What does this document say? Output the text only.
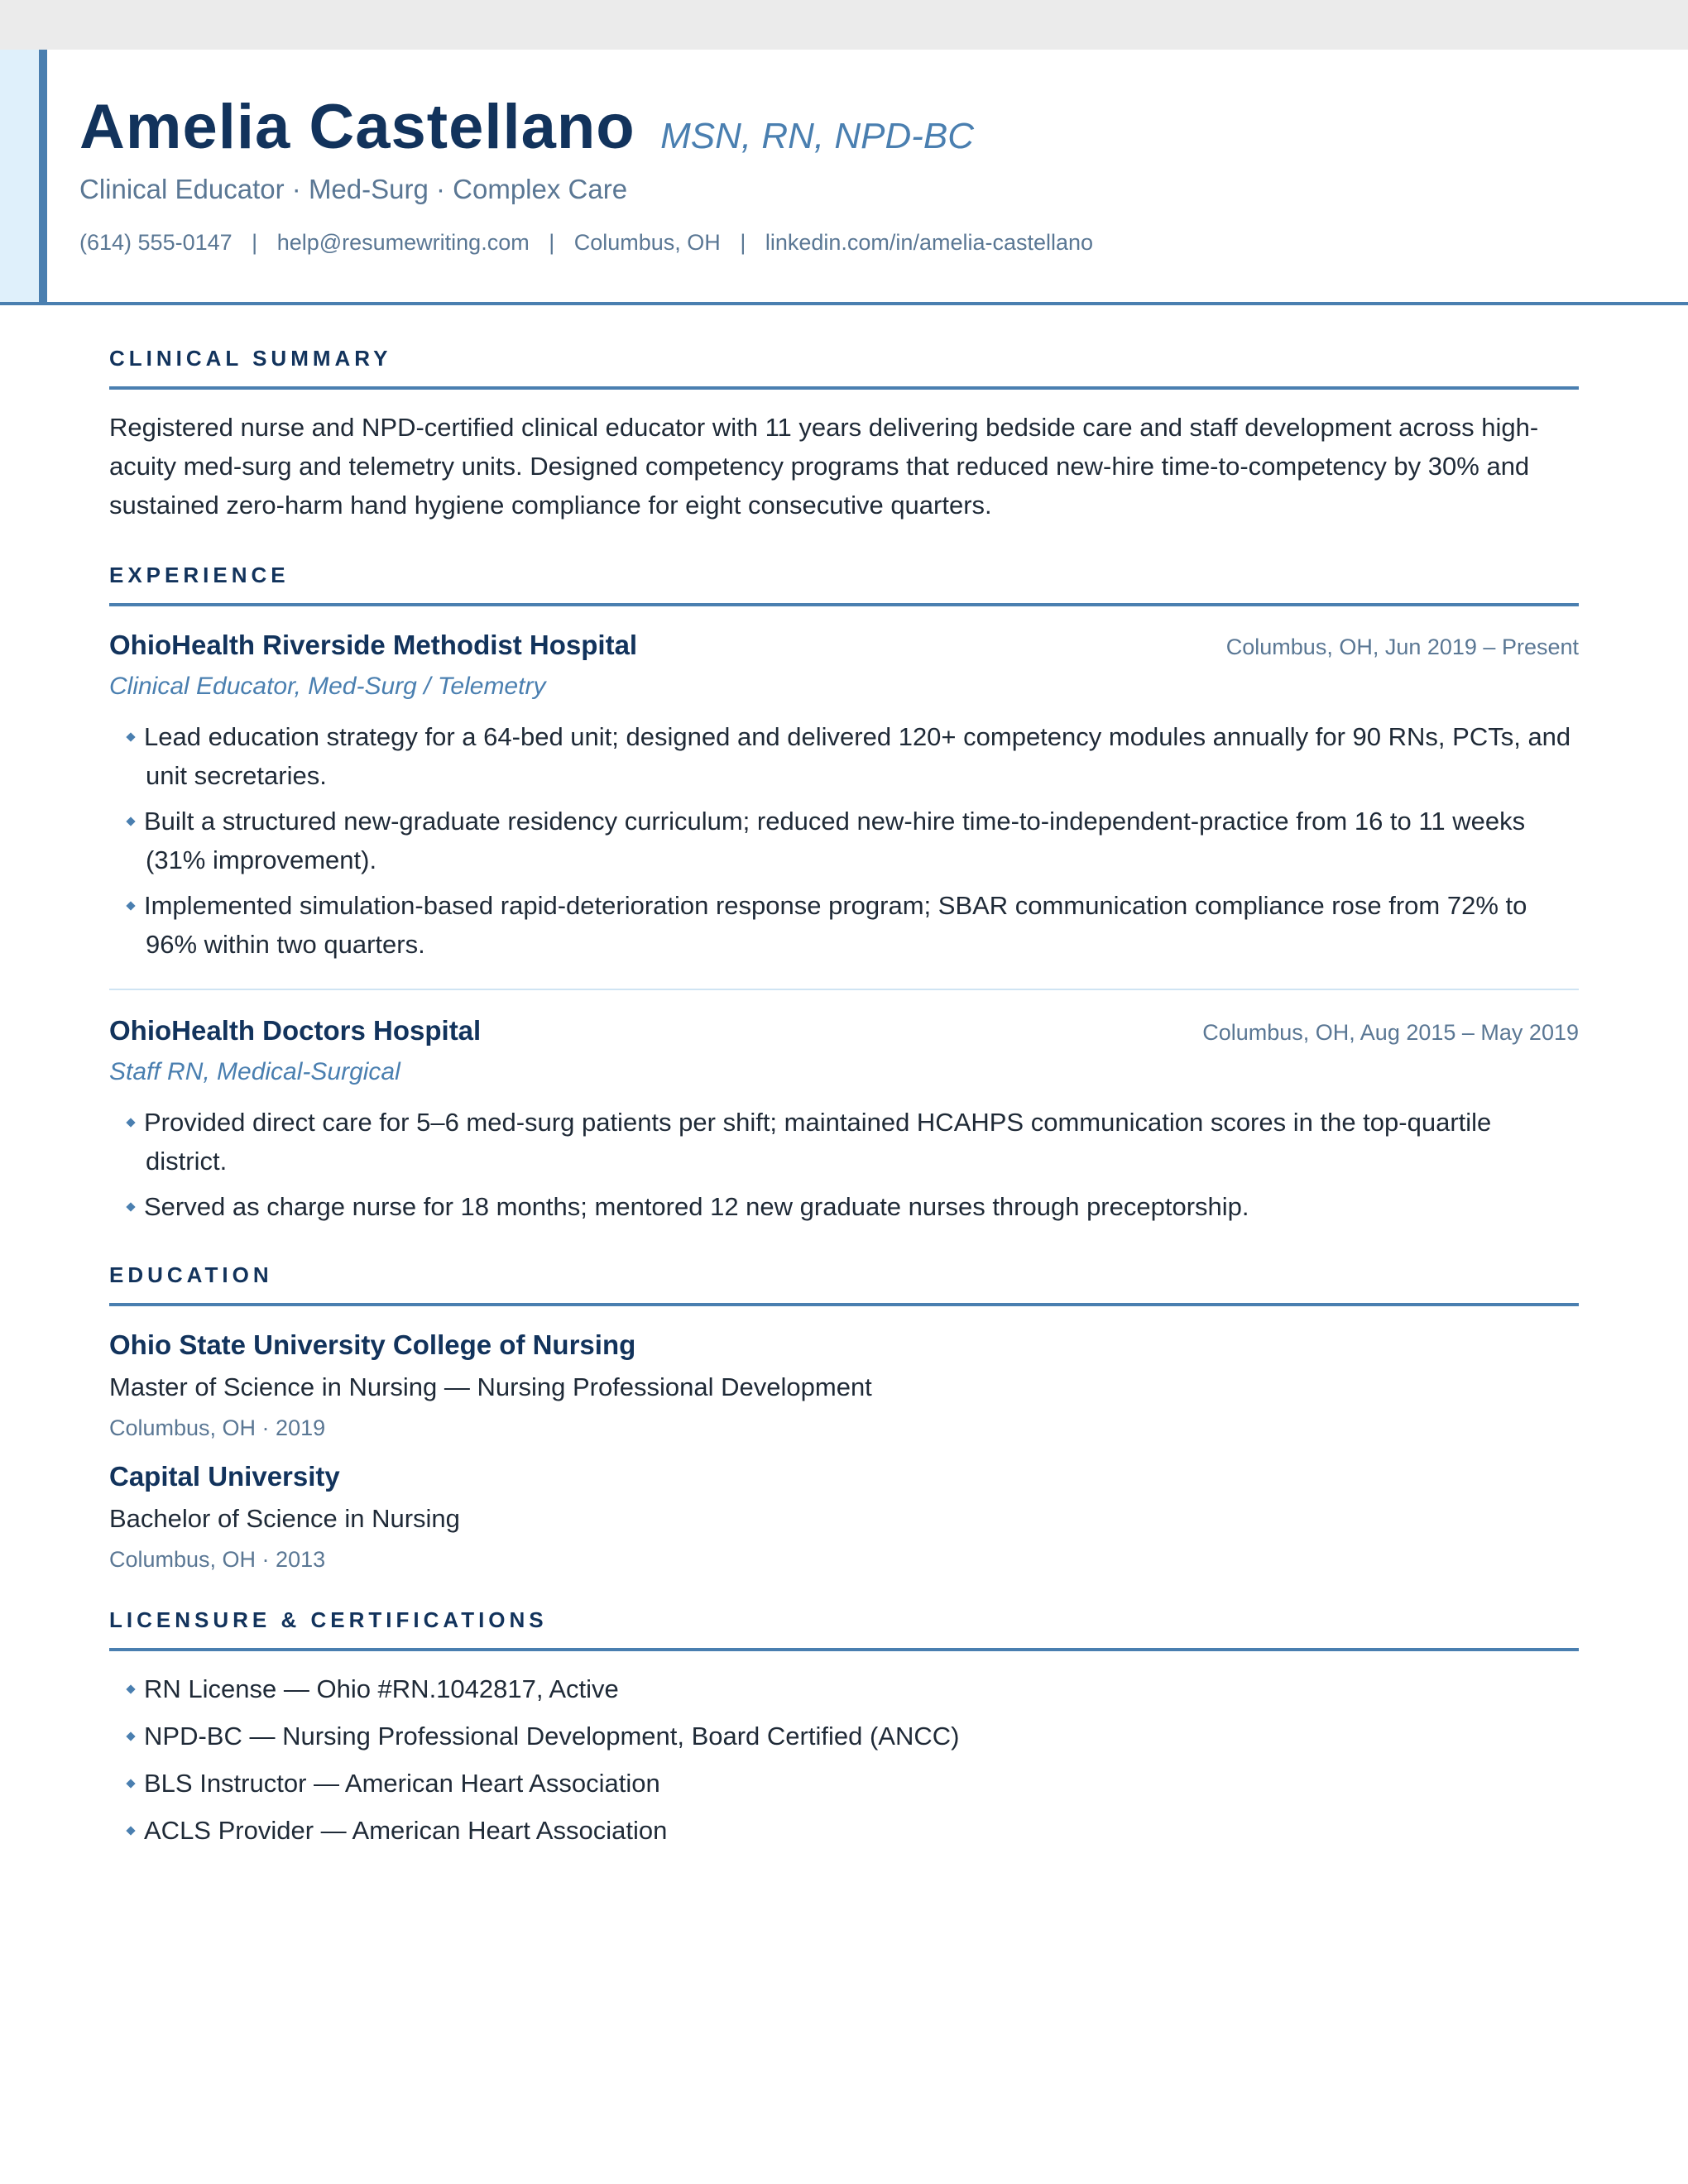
Amelia Castellano MSN, RN, NPD-BC
Clinical Educator · Med-Surg · Complex Care
(614) 555-0147 | help@resumewriting.com | Columbus, OH | linkedin.com/in/amelia-castellano
CLINICAL SUMMARY
Registered nurse and NPD-certified clinical educator with 11 years delivering bedside care and staff development across high-acuity med-surg and telemetry units. Designed competency programs that reduced new-hire time-to-competency by 30% and sustained zero-harm hand hygiene compliance for eight consecutive quarters.
EXPERIENCE
OhioHealth Riverside Methodist Hospital	Columbus, OH, Jun 2019 – Present
Clinical Educator, Med-Surg / Telemetry
Lead education strategy for a 64-bed unit; designed and delivered 120+ competency modules annually for 90 RNs, PCTs, and unit secretaries.
Built a structured new-graduate residency curriculum; reduced new-hire time-to-independent-practice from 16 to 11 weeks (31% improvement).
Implemented simulation-based rapid-deterioration response program; SBAR communication compliance rose from 72% to 96% within two quarters.
OhioHealth Doctors Hospital	Columbus, OH, Aug 2015 – May 2019
Staff RN, Medical-Surgical
Provided direct care for 5–6 med-surg patients per shift; maintained HCAHPS communication scores in the top-quartile district.
Served as charge nurse for 18 months; mentored 12 new graduate nurses through preceptorship.
EDUCATION
Ohio State University College of Nursing
Master of Science in Nursing — Nursing Professional Development
Columbus, OH · 2019
Capital University
Bachelor of Science in Nursing
Columbus, OH · 2013
LICENSURE & CERTIFICATIONS
RN License — Ohio #RN.1042817, Active
NPD-BC — Nursing Professional Development, Board Certified (ANCC)
BLS Instructor — American Heart Association
ACLS Provider — American Heart Association
